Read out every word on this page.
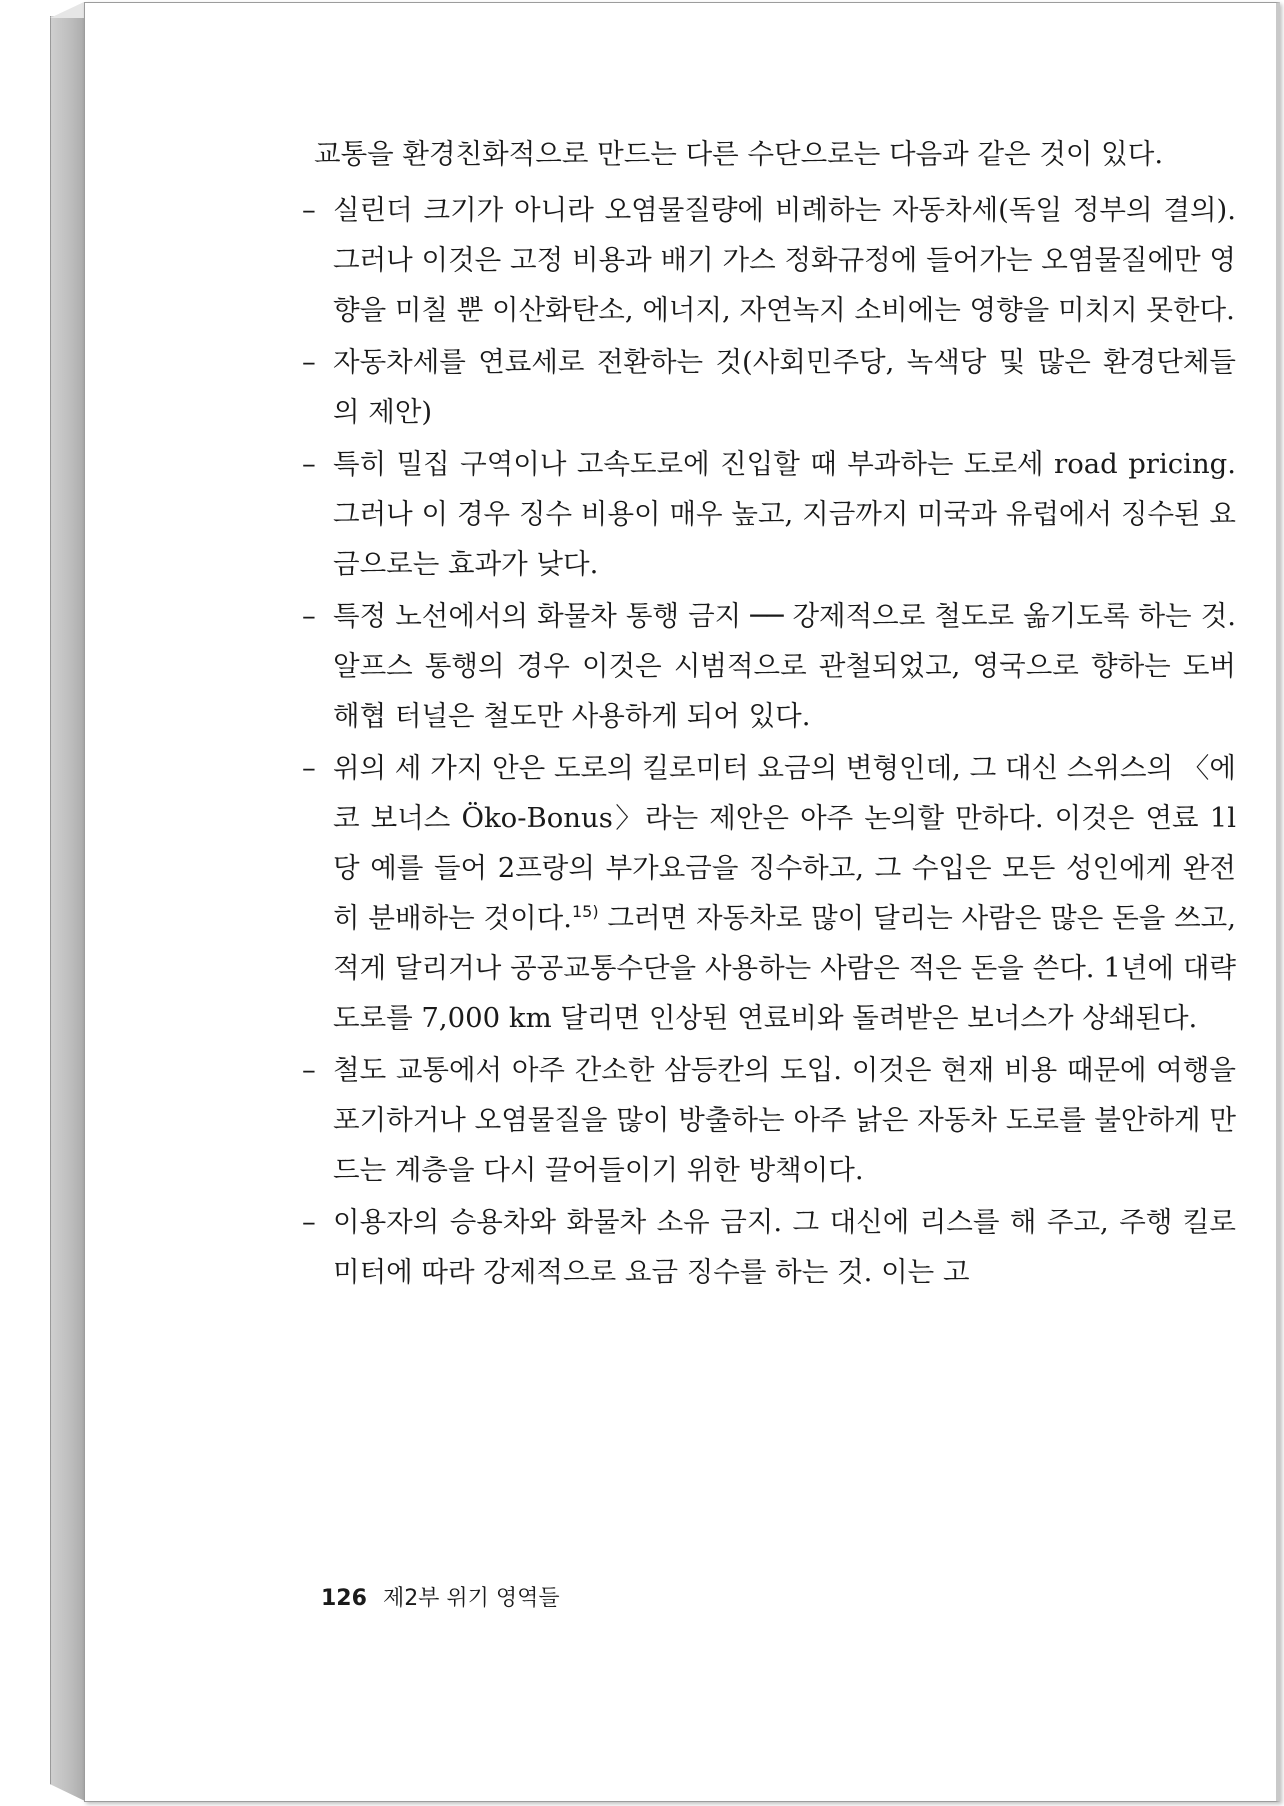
교통을 환경친화적으로 만드는 다른 수단으로는 다음과 같은 것이 있다.

– 실린더 크기가 아니라 오염물질량에 비례하는 자동차세(독일 정부의 결의). 그러나 이것은 고정 비용과 배기 가스 정화규정에 들어가는 오염물질에만 영향을 미칠 뿐 이산화탄소, 에너지, 자연녹지 소비에는 영향을 미치지 못한다.
– 자동차세를 연료세로 전환하는 것(사회민주당, 녹색당 및 많은 환경단체들의 제안)
– 특히 밀집 구역이나 고속도로에 진입할 때 부과하는 도로세 road pricing. 그러나 이 경우 징수 비용이 매우 높고, 지금까지 미국과 유럽에서 징수된 요금으로는 효과가 낮다.
– 특정 노선에서의 화물차 통행 금지 ── 강제적으로 철도로 옮기도록 하는 것. 알프스 통행의 경우 이것은 시범적으로 관철되었고, 영국으로 향하는 도버 해협 터널은 철도만 사용하게 되어 있다.
– 위의 세 가지 안은 도로의 킬로미터 요금의 변형인데, 그 대신 스위스의 〈에코 보너스 Öko-Bonus〉라는 제안은 아주 논의할 만하다. 이것은 연료 1l 당 예를 들어 2프랑의 부가요금을 징수하고, 그 수입은 모든 성인에게 완전히 분배하는 것이다.$^{15)}$ 그러면 자동차로 많이 달리는 사람은 많은 돈을 쓰고, 적게 달리거나 공공교통수단을 사용하는 사람은 적은 돈을 쓴다. 1년에 대략 도로를 7,000 km 달리면 인상된 연료비와 돌려받은 보너스가 상쇄된다.
– 철도 교통에서 아주 간소한 삼등칸의 도입. 이것은 현재 비용 때문에 여행을 포기하거나 오염물질을 많이 방출하는 아주 낡은 자동차 도로를 불안하게 만드는 계층을 다시 끌어들이기 위한 방책이다.
– 이용자의 승용차와 화물차 소유 금지. 그 대신에 리스를 해 주고, 주행 킬로미터에 따라 강제적으로 요금 징수를 하는 것. 이는 고
126 제2부 위기 영역들
